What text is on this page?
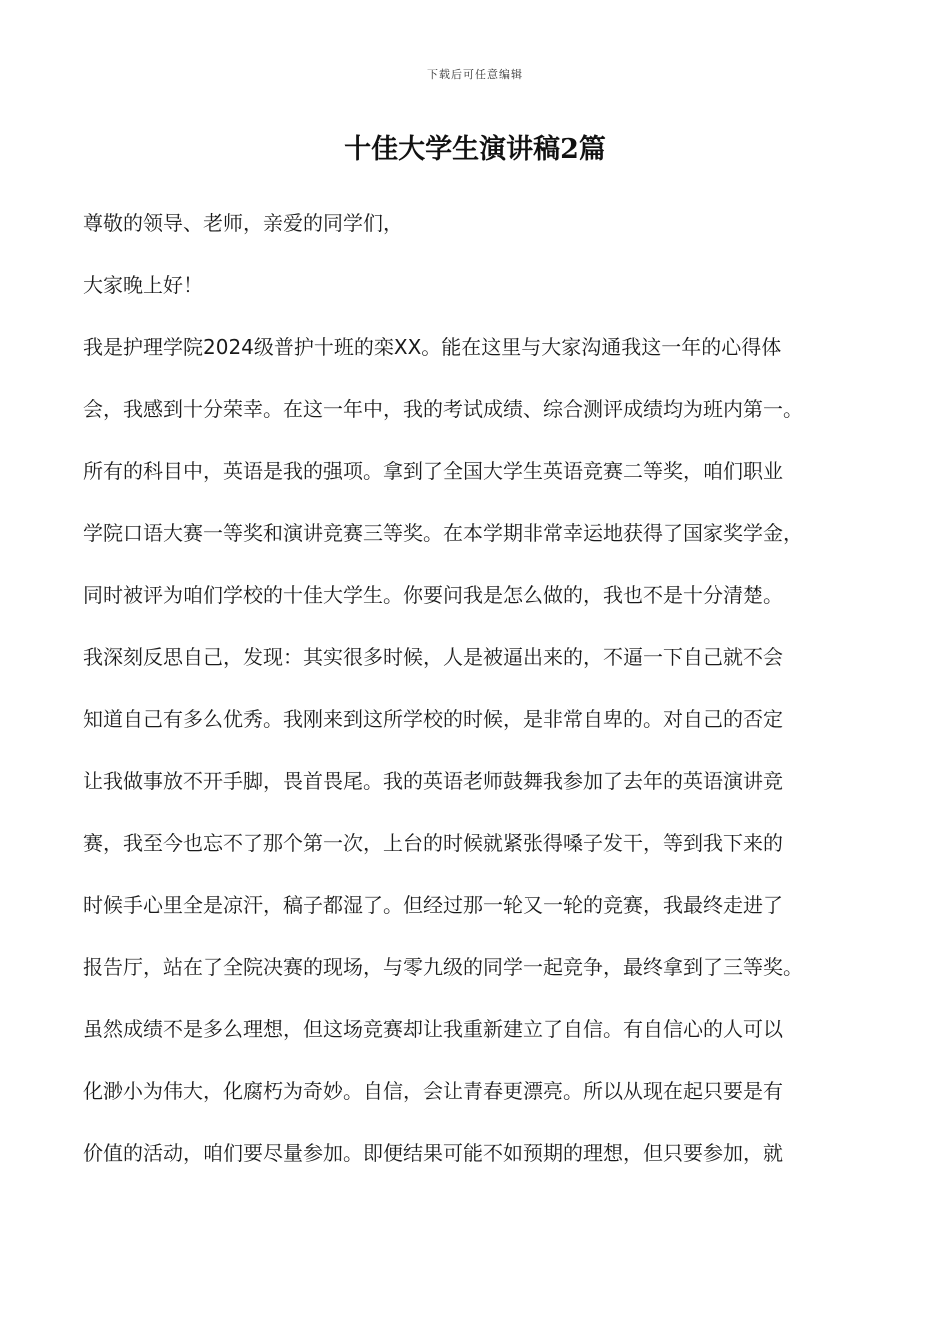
下载后可任意编辑
十佳大学生演讲稿2篇
尊敬的领导、老师，亲爱的同学们，
大家晚上好！
我是护理学院2024级普护十班的栾XX。能在这里与大家沟通我这一年的心得体
会，我感到十分荣幸。在这一年中，我的考试成绩、综合测评成绩均为班内第一。
所有的科目中，英语是我的强项。拿到了全国大学生英语竞赛二等奖，咱们职业
学院口语大赛一等奖和演讲竞赛三等奖。在本学期非常幸运地获得了国家奖学金，
同时被评为咱们学校的十佳大学生。你要问我是怎么做的，我也不是十分清楚。
我深刻反思自己，发现：其实很多时候，人是被逼出来的，不逼一下自己就不会
知道自己有多么优秀。我刚来到这所学校的时候，是非常自卑的。对自己的否定
让我做事放不开手脚，畏首畏尾。我的英语老师鼓舞我参加了去年的英语演讲竞
赛，我至今也忘不了那个第一次，上台的时候就紧张得嗓子发干，等到我下来的
时候手心里全是凉汗，稿子都湿了。但经过那一轮又一轮的竞赛，我最终走进了
报告厅，站在了全院决赛的现场，与零九级的同学一起竞争，最终拿到了三等奖。
虽然成绩不是多么理想，但这场竞赛却让我重新建立了自信。有自信心的人可以
化渺小为伟大，化腐朽为奇妙。自信，会让青春更漂亮。所以从现在起只要是有
价值的活动，咱们要尽量参加。即便结果可能不如预期的理想，但只要参加，就
